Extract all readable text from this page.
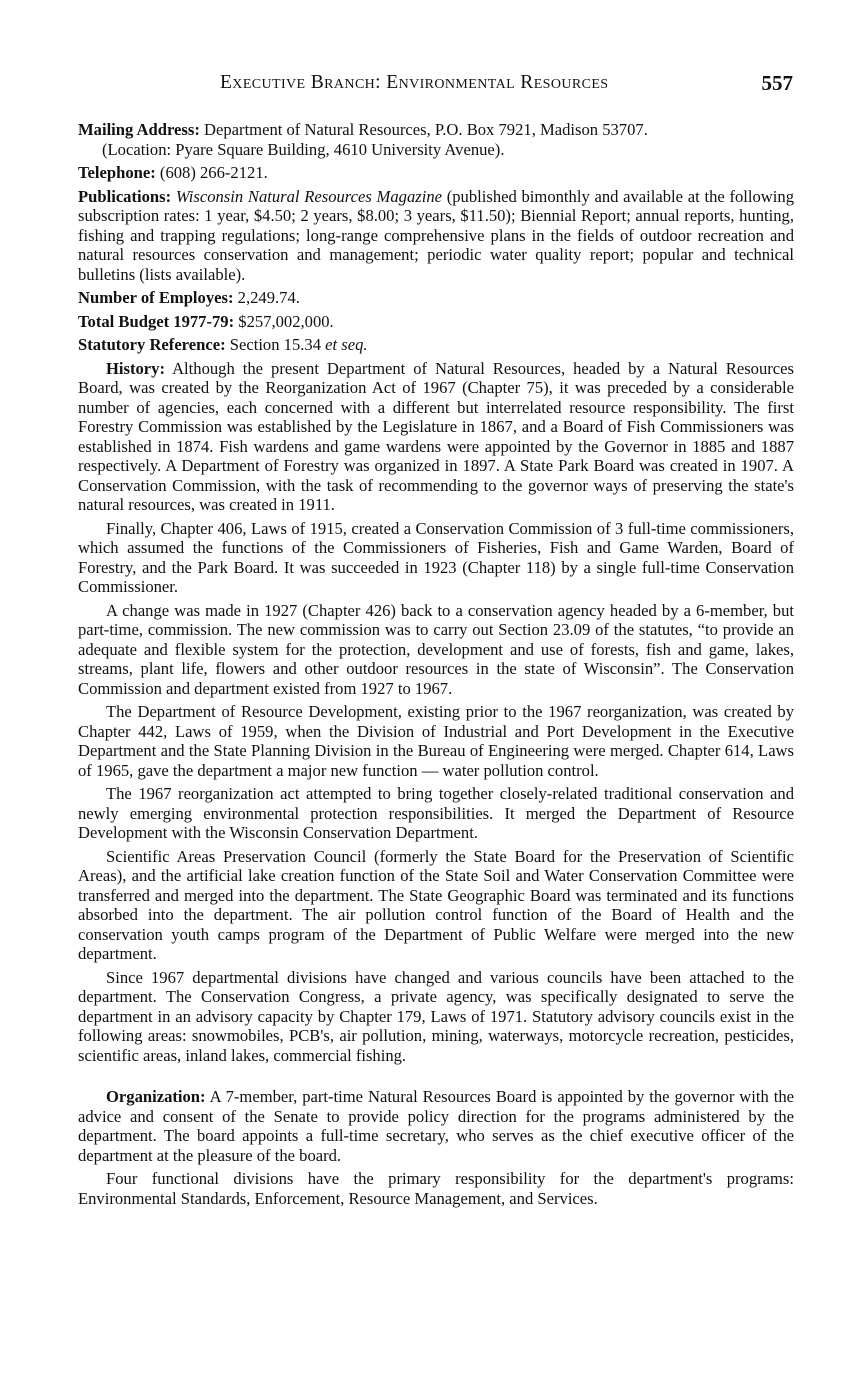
Executive Branch: Environmental Resources	557

Mailing Address: Department of Natural Resources, P.O. Box 7921, Madison 53707.
(Location: Pyare Square Building, 4610 University Avenue).

Telephone: (608) 266-2121.

Publications: Wisconsin Natural Resources Magazine (published bimonthly and available at the following subscription rates: 1 year, $4.50; 2 years, $8.00; 3 years, $11.50); Biennial Report; annual reports, hunting, fishing and trapping regulations; long-range comprehensive plans in the fields of outdoor recreation and natural resources conservation and management; periodic water quality report; popular and technical bulletins (lists available).

Number of Employes: 2,249.74.

Total Budget 1977-79: $257,002,000.

Statutory Reference: Section 15.34 et seq.

History: Although the present Department of Natural Resources, headed by a Natural Resources Board, was created by the Reorganization Act of 1967 (Chapter 75), it was preceded by a considerable number of agencies, each concerned with a different but interrelated resource responsibility. The first Forestry Commission was established by the Legislature in 1867, and a Board of Fish Commissioners was established in 1874. Fish wardens and game wardens were appointed by the Governor in 1885 and 1887 respectively. A Department of Forestry was organized in 1897. A State Park Board was created in 1907. A Conservation Commission, with the task of recommending to the governor ways of preserving the state's natural resources, was created in 1911.

Finally, Chapter 406, Laws of 1915, created a Conservation Commission of 3 full-time commissioners, which assumed the functions of the Commissioners of Fisheries, Fish and Game Warden, Board of Forestry, and the Park Board. It was succeeded in 1923 (Chapter 118) by a single full-time Conservation Commissioner.

A change was made in 1927 (Chapter 426) back to a conservation agency headed by a 6-member, but part-time, commission. The new commission was to carry out Section 23.09 of the statutes, “to provide an adequate and flexible system for the protection, development and use of forests, fish and game, lakes, streams, plant life, flowers and other outdoor resources in the state of Wisconsin”. The Conservation Commission and department existed from 1927 to 1967.

The Department of Resource Development, existing prior to the 1967 reorganization, was created by Chapter 442, Laws of 1959, when the Division of Industrial and Port Development in the Executive Department and the State Planning Division in the Bureau of Engineering were merged. Chapter 614, Laws of 1965, gave the department a major new function — water pollution control.

The 1967 reorganization act attempted to bring together closely-related traditional conservation and newly emerging environmental protection responsibilities. It merged the Department of Resource Development with the Wisconsin Conservation Department.

Scientific Areas Preservation Council (formerly the State Board for the Preservation of Scientific Areas), and the artificial lake creation function of the State Soil and Water Conservation Committee were transferred and merged into the department. The State Geographic Board was terminated and its functions absorbed into the department. The air pollution control function of the Board of Health and the conservation youth camps program of the Department of Public Welfare were merged into the new department.

Since 1967 departmental divisions have changed and various councils have been attached to the department. The Conservation Congress, a private agency, was specifically designated to serve the department in an advisory capacity by Chapter 179, Laws of 1971. Statutory advisory councils exist in the following areas: snowmobiles, PCB's, air pollution, mining, waterways, motorcycle recreation, pesticides, scientific areas, inland lakes, commercial fishing.

Organization: A 7-member, part-time Natural Resources Board is appointed by the governor with the advice and consent of the Senate to provide policy direction for the programs administered by the department. The board appoints a full-time secretary, who serves as the chief executive officer of the department at the pleasure of the board.

Four functional divisions have the primary responsibility for the department's programs: Environmental Standards, Enforcement, Resource Management, and Services.
